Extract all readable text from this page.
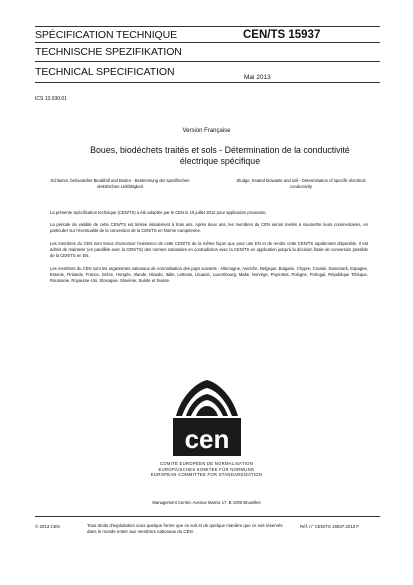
SPÉCIFICATION TECHNIQUE
TECHNISCHE SPEZIFIKATION
TECHNICAL SPECIFICATION
CEN/TS 15937
Mai 2013
ICS 13.030.01
Version Française
Boues, biodéchets traités et sols - Détermination de la conductivité électrique spécifique
Schlamm, behandelter Bioabfall und Boden - Bestimmung der spezifischen elektrischen Leitfähigkeit
Sludge, treated biowaste and soil - Determination of specific electrical conductivity
La présente Spécification technique (CEN/TS) a été adoptée par le CEN le 15 juillet 2012 pour application provisoire.
La période de validité de cette CEN/TS est limitée initialement à trois ans. Après deux ans, les membres du CEN seront invités à soumettre leurs commentaires, en particulier sur l'éventualité de la conversion de la CEN/TS en Norme européenne.
Les membres du CEN sont tenus d'annoncer l'existence de cette CEN/TS de la même façon que pour une EN et de rendre cette CEN/TS rapidement disponible. Il est admis de maintenir (en parallèle avec la CEN/TS) des normes nationales en contradiction avec la CEN/TS en application jusqu'à la décision finale de conversion possible de la CEN/TS en EN.
Les membres du CEN sont les organismes nationaux de normalisation des pays suivants : Allemagne, Autriche, Belgique, Bulgarie, Chypre, Croatie, Danemark, Espagne, Estonie, Finlande, France, Grèce, Hongrie, Irlande, Islande, Italie, Lettonie, Lituanie, Luxembourg, Malte, Norvège, Pays-Bas, Pologne, Portugal, République Tchèque, Roumanie, Royaume-Uni, Slovaquie, Slovénie, Suède et Suisse.
cen
COMITÉ EUROPÉEN DE NORMALISATION
EUROPÄISCHES KOMITEE FÜR NORMUNG
EUROPEAN COMMITTEE FOR STANDARDIZATION
Management Centre: Avenue Marnix 17, B-1000 Bruxelles
© 2013 CEN	Tous droits d'exploitation sous quelque forme que ce soit et de quelque manière que ce soit réservés dans le monde entier aux membres nationaux du CEN.
Réf. n° CEN/TS 15937:2013 F
